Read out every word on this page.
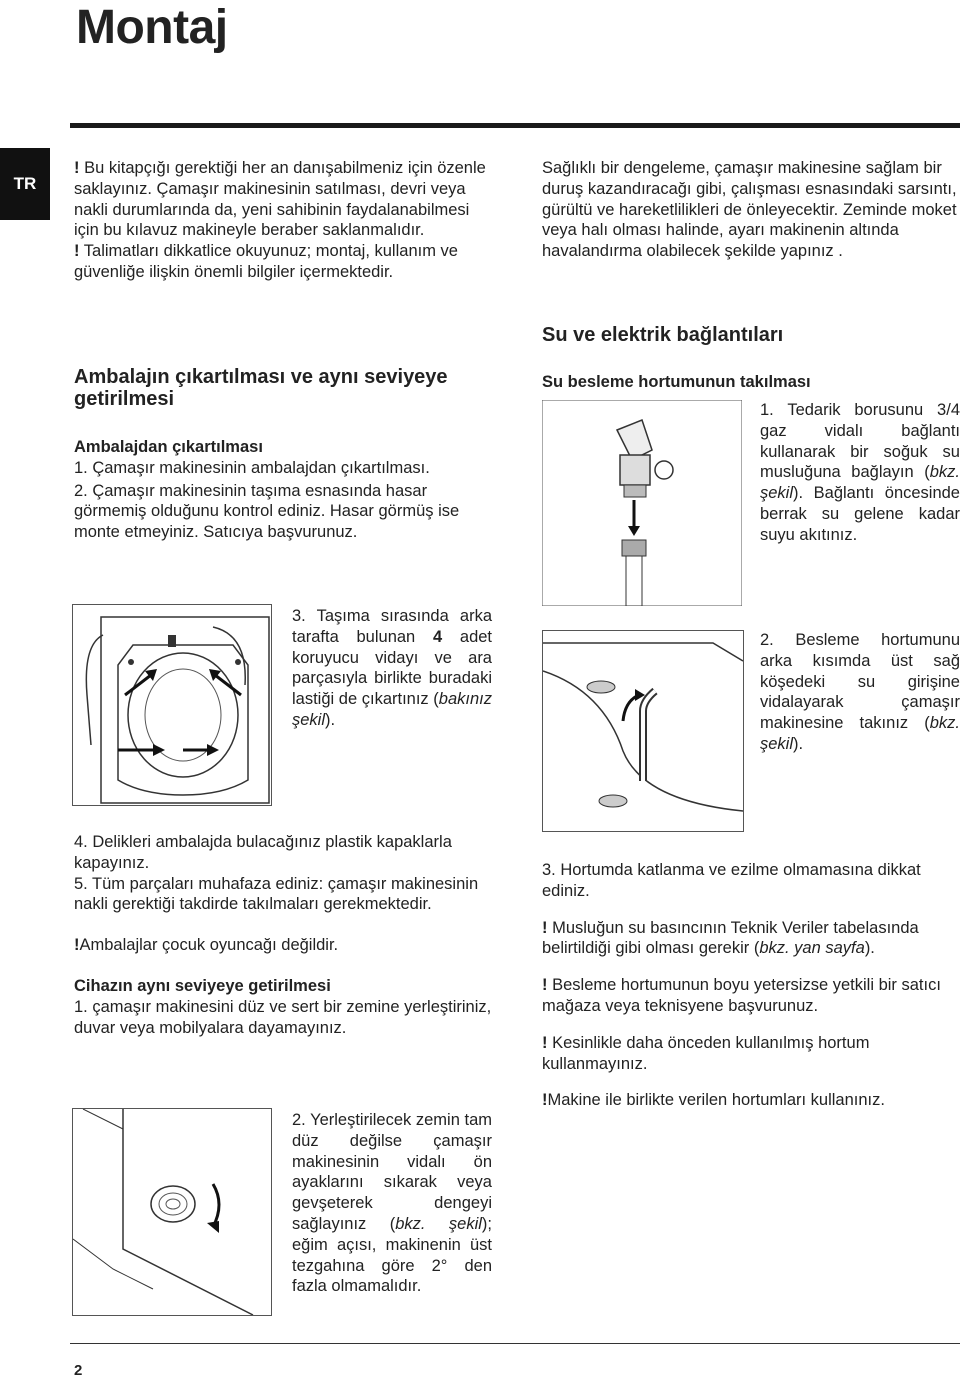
Montaj
TR

! Bu kitapçığı gerektiği her an danışabilmeniz için özenle saklayınız. Çamaşır makinesinin satılması, devri veya nakli durumlarında da, yeni sahibinin faydalanabilmesi için bu kılavuz makineyle beraber saklanmalıdır.

! Talimatları dikkatlice okuyunuz; montaj, kullanım ve güvenliğe ilişkin önemli bilgiler içermektedir.

Ambalajın çıkartılması ve aynı seviyeye getirilmesi

Ambalajdan çıkartılması

1. Çamaşır makinesinin ambalajdan çıkartılması.

2. Çamaşır makinesinin taşıma esnasında hasar görmemiş olduğunu kontrol ediniz. Hasar görmüş ise monte etmeyiniz. Satıcıya başvurunuz.

3. Taşıma sırasında arka tarafta bulunan 4 adet koruyucu vidayı ve ara parçasıyla birlikte buradaki lastiği de çıkartınız (bakınız şekil).

4. Delikleri ambalajda bulacağınız plastik kapaklarla kapayınız.

5. Tüm parçaları muhafaza ediniz: çamaşır makinesinin nakli gerektiği takdirde takılmaları gerekmektedir.

!Ambalajlar çocuk oyuncağı değildir.

Cihazın aynı seviyeye getirilmesi

1. çamaşır makinesini düz ve sert bir zemine yerleştiriniz, duvar veya mobilyalara dayamayınız.

2. Yerleştirilecek zemin tam düz değilse çamaşır makinesinin vidalı ön ayaklarını sıkarak veya gevşeterek dengeyi sağlayınız (bkz. şekil); eğim açısı, makinenin üst tezgahına göre 2° den fazla olmamalıdır.
Sağlıklı bir dengeleme, çamaşır makinesine sağlam bir duruş kazandıracağı gibi, çalışması esnasındaki sarsıntı, gürültü ve hareketlilikleri de önleyecektir. Zeminde moket veya halı olması halinde, ayarı makinenin altında havalandırma olabilecek şekilde yapınız .
Su ve elektrik bağlantıları
Su besleme hortumunun takılması
1. Tedarik borusunu 3/4 gaz vidalı bağlantı kullanarak bir soğuk su musluğuna bağlayın (bkz. şekil). Bağlantı öncesinde berrak su gelene kadar suyu akıtınız.
2. Besleme hortumunu arka kısımda üst sağ köşedeki su girişine vidalayarak çamaşır makinesine takınız (bkz. şekil).

3. Hortumda katlanma ve ezilme olmamasına dikkat ediniz.

! Musluğun su basıncının Teknik Veriler tabelasında belirtildiği gibi olması gerekir (bkz. yan sayfa).

! Besleme hortumunun boyu yetersizse yetkili bir satıcı mağaza veya teknisyene başvurunuz.

! Kesinlikle daha önceden kullanılmış hortum kullanmayınız.

!Makine ile birlikte verilen hortumları kullanınız.

2
